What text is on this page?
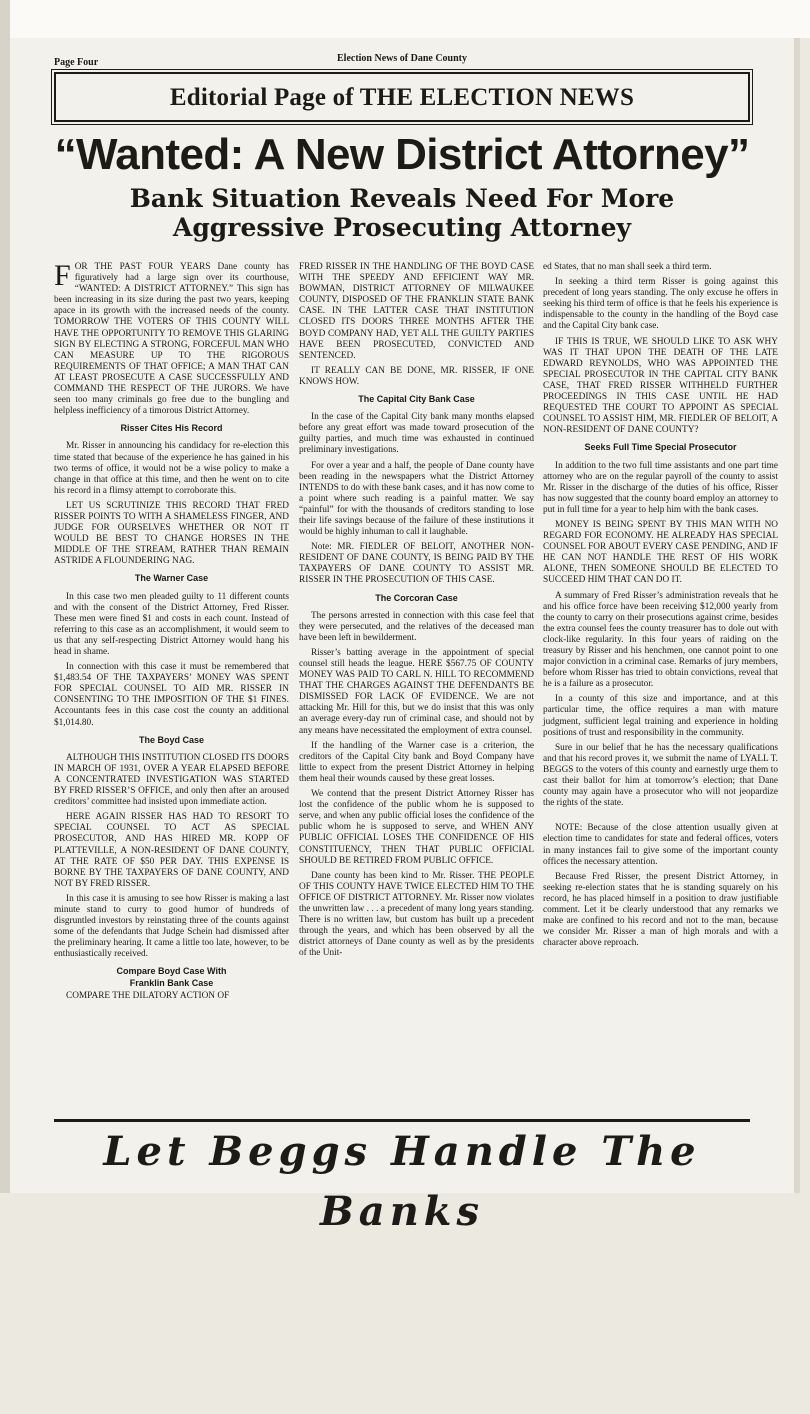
Page Four	Election News of Dane County
Editorial Page of THE ELECTION NEWS
“Wanted: A New District Attorney”
Bank Situation Reveals Need For More
Aggressive Prosecuting Attorney

FOR THE PAST FOUR YEARS Dane county has figuratively had a large sign over its courthouse, “WANTED: A DISTRICT ATTORNEY.” This sign has been increasing in its size during the past two years, keeping apace in its growth with the increased needs of the county. TOMORROW THE VOTERS OF THIS COUNTY WILL HAVE THE OPPORTUNITY TO REMOVE THIS GLARING SIGN BY ELECTING A STRONG, FORCEFUL MAN WHO CAN MEASURE UP TO THE RIGOROUS REQUIREMENTS OF THAT OFFICE; A MAN THAT CAN AT LEAST PROSECUTE A CASE SUCCESSFULLY AND COMMAND THE RESPECT OF THE JURORS. We have seen too many criminals go free due to the bungling and helpless inefficiency of a timorous District Attorney.

Risser Cites His Record

Mr. Risser in announcing his candidacy for re-election this time stated that because of the experience he has gained in his two terms of office, it would not be a wise policy to make a change in that office at this time, and then he went on to cite his record in a flimsy attempt to corroborate this.

LET US SCRUTINIZE THIS RECORD THAT FRED RISSER POINTS TO WITH A SHAMELESS FINGER, AND JUDGE FOR OURSELVES WHETHER OR NOT IT WOULD BE BEST TO CHANGE HORSES IN THE MIDDLE OF THE STREAM, RATHER THAN REMAIN ASTRIDE A FLOUNDERING NAG.

The Warner Case

In this case two men pleaded guilty to 11 different counts and with the consent of the District Attorney, Fred Risser. These men were fined $1 and costs in each count. Instead of referring to this case as an accomplishment, it would seem to us that any self-respecting District Attorney would hang his head in shame.

In connection with this case it must be remembered that $1,483.54 OF THE TAXPAYERS’ MONEY WAS SPENT FOR SPECIAL COUNSEL TO AID MR. RISSER IN CONSENTING TO THE IMPOSITION OF THE $1 FINES. Accountants fees in this case cost the county an additional $1,014.80.

The Boyd Case

ALTHOUGH THIS INSTITUTION CLOSED ITS DOORS IN MARCH OF 1931, OVER A YEAR ELAPSED BEFORE A CONCENTRATED INVESTIGATION WAS STARTED BY FRED RISSER’S OFFICE, and only then after an aroused creditors’ committee had insisted upon immediate action.

HERE AGAIN RISSER HAS HAD TO RESORT TO SPECIAL COUNSEL TO ACT AS SPECIAL PROSECUTOR, AND HAS HIRED MR. KOPP OF PLATTEVILLE, A NON-RESIDENT OF DANE COUNTY, AT THE RATE OF $50 PER DAY. THIS EXPENSE IS BORNE BY THE TAXPAYERS OF DANE COUNTY, AND NOT BY FRED RISSER.

In this case it is amusing to see how Risser is making a last minute stand to curry to good humor of hundreds of disgruntled investors by reinstating three of the counts against some of the defendants that Judge Schein had dismissed after the preliminary hearing. It came a little too late, however, to be enthusiastically received.

Compare Boyd Case With
Franklin Bank Case

COMPARE THE DILATORY ACTION OF

FRED RISSER IN THE HANDLING OF THE BOYD CASE WITH THE SPEEDY AND EFFICIENT WAY MR. BOWMAN, DISTRICT ATTORNEY OF MILWAUKEE COUNTY, DISPOSED OF THE FRANKLIN STATE BANK CASE. IN THE LATTER CASE THAT INSTITUTION CLOSED ITS DOORS THREE MONTHS AFTER THE BOYD COMPANY HAD, YET ALL THE GUILTY PARTIES HAVE BEEN PROSECUTED, CONVICTED AND SENTENCED.

IT REALLY CAN BE DONE, MR. RISSER, IF ONE KNOWS HOW.

The Capital City Bank Case

In the case of the Capital City bank many months elapsed before any great effort was made toward prosecution of the guilty parties, and much time was exhausted in continued preliminary investigations.

For over a year and a half, the people of Dane county have been reading in the newspapers what the District Attorney INTENDS to do with these bank cases, and it has now come to a point where such reading is a painful matter. We say “painful” for with the thousands of creditors standing to lose their life savings because of the failure of these institutions it would be highly inhuman to call it laughable.

Note: MR. FIEDLER OF BELOIT, ANOTHER NON-RESIDENT OF DANE COUNTY, IS BEING PAID BY THE TAXPAYERS OF DANE COUNTY TO ASSIST MR. RISSER IN THE PROSECUTION OF THIS CASE.

The Corcoran Case

The persons arrested in connection with this case feel that they were persecuted, and the relatives of the deceased man have been left in bewilderment.

Risser’s batting average in the appointment of special counsel still heads the league. HERE $567.75 OF COUNTY MONEY WAS PAID TO CARL N. HILL TO RECOMMEND THAT THE CHARGES AGAINST THE DEFENDANTS BE DISMISSED FOR LACK OF EVIDENCE. We are not attacking Mr. Hill for this, but we do insist that this was only an average every-day run of criminal case, and should not by any means have necessitated the employment of extra counsel.

If the handling of the Warner case is a criterion, the creditors of the Capital City bank and Boyd Company have little to expect from the present District Attorney in helping them heal their wounds caused by these great losses.

We contend that the present District Attorney Risser has lost the confidence of the public whom he is supposed to serve, and when any public official loses the confidence of the public whom he is supposed to serve, and WHEN ANY PUBLIC OFFICIAL LOSES THE CONFIDENCE OF HIS CONSTITUENCY, THEN THAT PUBLIC OFFICIAL SHOULD BE RETIRED FROM PUBLIC OFFICE.

Dane county has been kind to Mr. Risser. THE PEOPLE OF THIS COUNTY HAVE TWICE ELECTED HIM TO THE OFFICE OF DISTRICT ATTORNEY. Mr. Risser now violates the unwritten law . . . a precedent of many long years standing. There is no written law, but custom has built up a precedent through the years, and which has been observed by all the district attorneys of Dane county as well as by the presidents of the Unit-

ed States, that no man shall seek a third term.

In seeking a third term Risser is going against this precedent of long years standing. The only excuse he offers in seeking his third term of office is that he feels his experience is indispensable to the county in the handling of the Boyd case and the Capital City bank case.

IF THIS IS TRUE, WE SHOULD LIKE TO ASK WHY WAS IT THAT UPON THE DEATH OF THE LATE EDWARD REYNOLDS, WHO WAS APPOINTED THE SPECIAL PROSECUTOR IN THE CAPITAL CITY BANK CASE, THAT FRED RISSER WITHHELD FURTHER PROCEEDINGS IN THIS CASE UNTIL HE HAD REQUESTED THE COURT TO APPOINT AS SPECIAL COUNSEL TO ASSIST HIM, MR. FIEDLER OF BELOIT, A NON-RESIDENT OF DANE COUNTY?

Seeks Full Time Special Prosecutor

In addition to the two full time assistants and one part time attorney who are on the regular payroll of the county to assist Mr. Risser in the discharge of the duties of his office, Risser has now suggested that the county board employ an attorney to put in full time for a year to help him with the bank cases.

MONEY IS BEING SPENT BY THIS MAN WITH NO REGARD FOR ECONOMY. HE ALREADY HAS SPECIAL COUNSEL FOR ABOUT EVERY CASE PENDING, AND IF HE CAN NOT HANDLE THE REST OF HIS WORK ALONE, THEN SOMEONE SHOULD BE ELECTED TO SUCCEED HIM THAT CAN DO IT.

A summary of Fred Risser’s administration reveals that he and his office force have been receiving $12,000 yearly from the county to carry on their prosecutions against crime, besides the extra counsel fees the county treasurer has to dole out with clock-like regularity. In this four years of raiding on the treasury by Risser and his henchmen, one cannot point to one major conviction in a criminal case. Remarks of jury members, before whom Risser has tried to obtain convictions, reveal that he is a failure as a prosecutor.

In a county of this size and importance, and at this particular time, the office requires a man with mature judgment, sufficient legal training and experience in holding positions of trust and responsibility in the community.

Sure in our belief that he has the necessary qualifications and that his record proves it, we submit the name of LYALL T. BEGGS to the voters of this county and earnestly urge them to cast their ballot for him at tomorrow’s election; that Dane county may again have a prosecutor who will not jeopardize the rights of the state.

NOTE: Because of the close attention usually given at election time to candidates for state and federal offices, voters in many instances fail to give some of the important county offices the necessary attention.

Because Fred Risser, the present District Attorney, in seeking re-election states that he is standing squarely on his record, he has placed himself in a position to draw justifiable comment. Let it be clearly understood that any remarks we make are confined to his record and not to the man, because we consider Mr. Risser a man of high morals and with a character above reproach.

Let Beggs Handle The Banks
